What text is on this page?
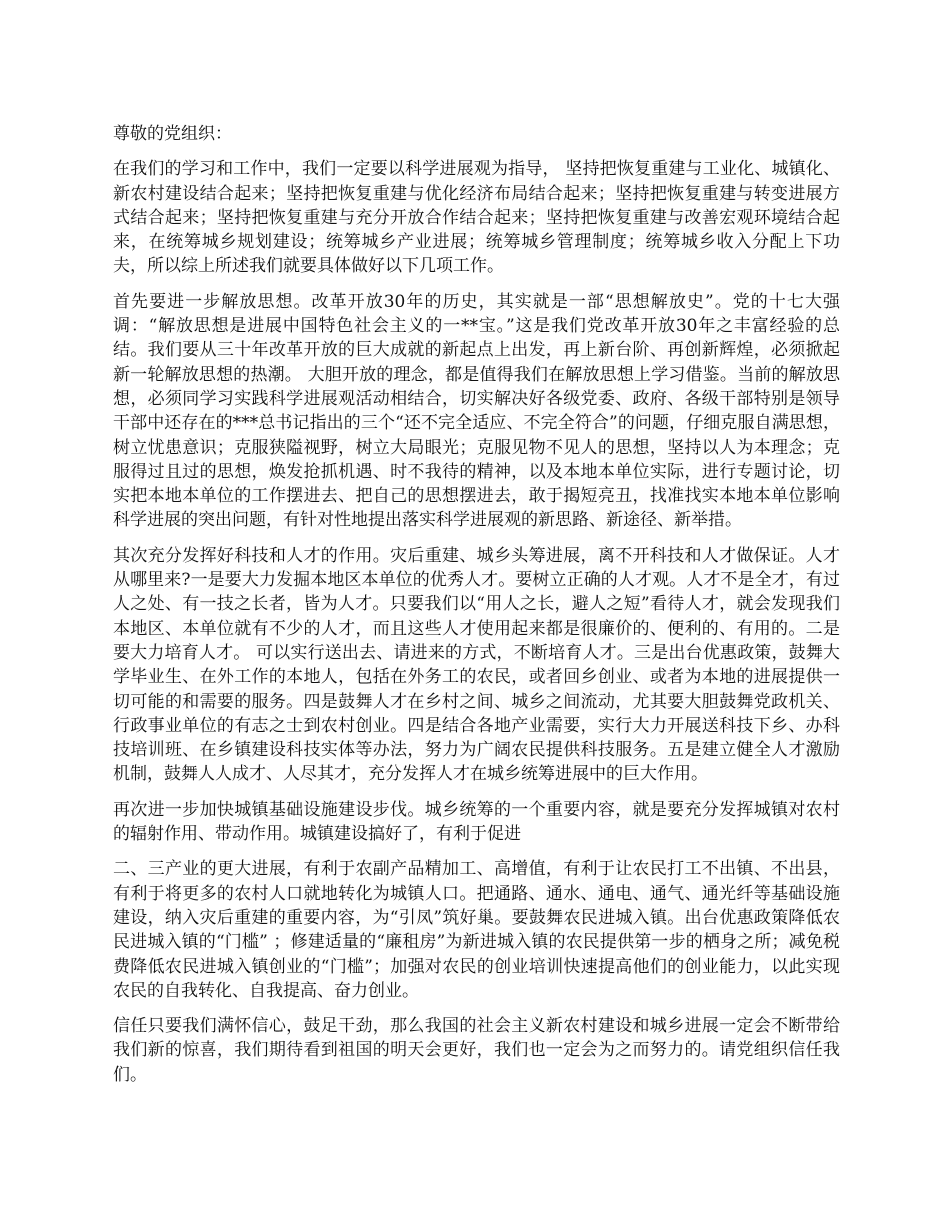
尊敬的党组织：

在我们的学习和工作中，我们一定要以科学进展观为指导， 坚持把恢复重建与工业化、城镇化、新农村建设结合起来；坚持把恢复重建与优化经济布局结合起来；坚持把恢复重建与转变进展方式结合起来；坚持把恢复重建与充分开放合作结合起来；坚持把恢复重建与改善宏观环境结合起来，在统筹城乡规划建设；统筹城乡产业进展；统筹城乡管理制度；统筹城乡收入分配上下功夫，所以综上所述我们就要具体做好以下几项工作。

首先要进一步解放思想。改革开放30年的历史，其实就是一部“思想解放史”。党的十七大强调：“解放思想是进展中国特色社会主义的一**宝。”这是我们党改革开放30年之丰富经验的总结。我们要从三十年改革开放的巨大成就的新起点上出发，再上新台阶、再创新辉煌，必须掀起新一轮解放思想的热潮。 大胆开放的理念，都是值得我们在解放思想上学习借鉴。当前的解放思想，必须同学习实践科学进展观活动相结合，切实解决好各级党委、政府、各级干部特别是领导干部中还存在的***总书记指出的三个“还不完全适应、不完全符合”的问题，仔细克服自满思想，树立忧患意识；克服狭隘视野，树立大局眼光；克服见物不见人的思想，坚持以人为本理念；克服得过且过的思想，焕发抢抓机遇、时不我待的精神，以及本地本单位实际，进行专题讨论，切实把本地本单位的工作摆进去、把自己的思想摆进去，敢于揭短亮丑，找准找实本地本单位影响科学进展的突出问题，有针对性地提出落实科学进展观的新思路、新途径、新举措。

其次充分发挥好科技和人才的作用。灾后重建、城乡头筹进展，离不开科技和人才做保证。人才从哪里来?一是要大力发掘本地区本单位的优秀人才。要树立正确的人才观。人才不是全才，有过人之处、有一技之长者，皆为人才。只要我们以“用人之长，避人之短”看待人才，就会发现我们本地区、本单位就有不少的人才，而且这些人才使用起来都是很廉价的、便利的、有用的。二是要大力培育人才。 可以实行送出去、请进来的方式，不断培育人才。三是出台优惠政策，鼓舞大学毕业生、在外工作的本地人，包括在外务工的农民，或者回乡创业、或者为本地的进展提供一切可能的和需要的服务。四是鼓舞人才在乡村之间、城乡之间流动，尤其要大胆鼓舞党政机关、行政事业单位的有志之士到农村创业。四是结合各地产业需要，实行大力开展送科技下乡、办科技培训班、在乡镇建设科技实体等办法，努力为广阔农民提供科技服务。五是建立健全人才激励机制，鼓舞人人成才、人尽其才，充分发挥人才在城乡统筹进展中的巨大作用。

再次进一步加快城镇基础设施建设步伐。城乡统筹的一个重要内容，就是要充分发挥城镇对农村的辐射作用、带动作用。城镇建设搞好了，有利于促进

二、三产业的更大进展，有利于农副产品精加工、高增值，有利于让农民打工不出镇、不出县，有利于将更多的农村人口就地转化为城镇人口。把通路、通水、通电、通气、通光纤等基础设施建设，纳入灾后重建的重要内容，为“引凤”筑好巢。要鼓舞农民进城入镇。出台优惠政策降低农民进城入镇的“门槛” ；修建适量的“廉租房”为新进城入镇的农民提供第一步的栖身之所；减免税费降低农民进城入镇创业的“门槛”；加强对农民的创业培训快速提高他们的创业能力，以此实现农民的自我转化、自我提高、奋力创业。

信任只要我们满怀信心，鼓足干劲，那么我国的社会主义新农村建设和城乡进展一定会不断带给我们新的惊喜，我们期待看到祖国的明天会更好，我们也一定会为之而努力的。请党组织信任我们。
